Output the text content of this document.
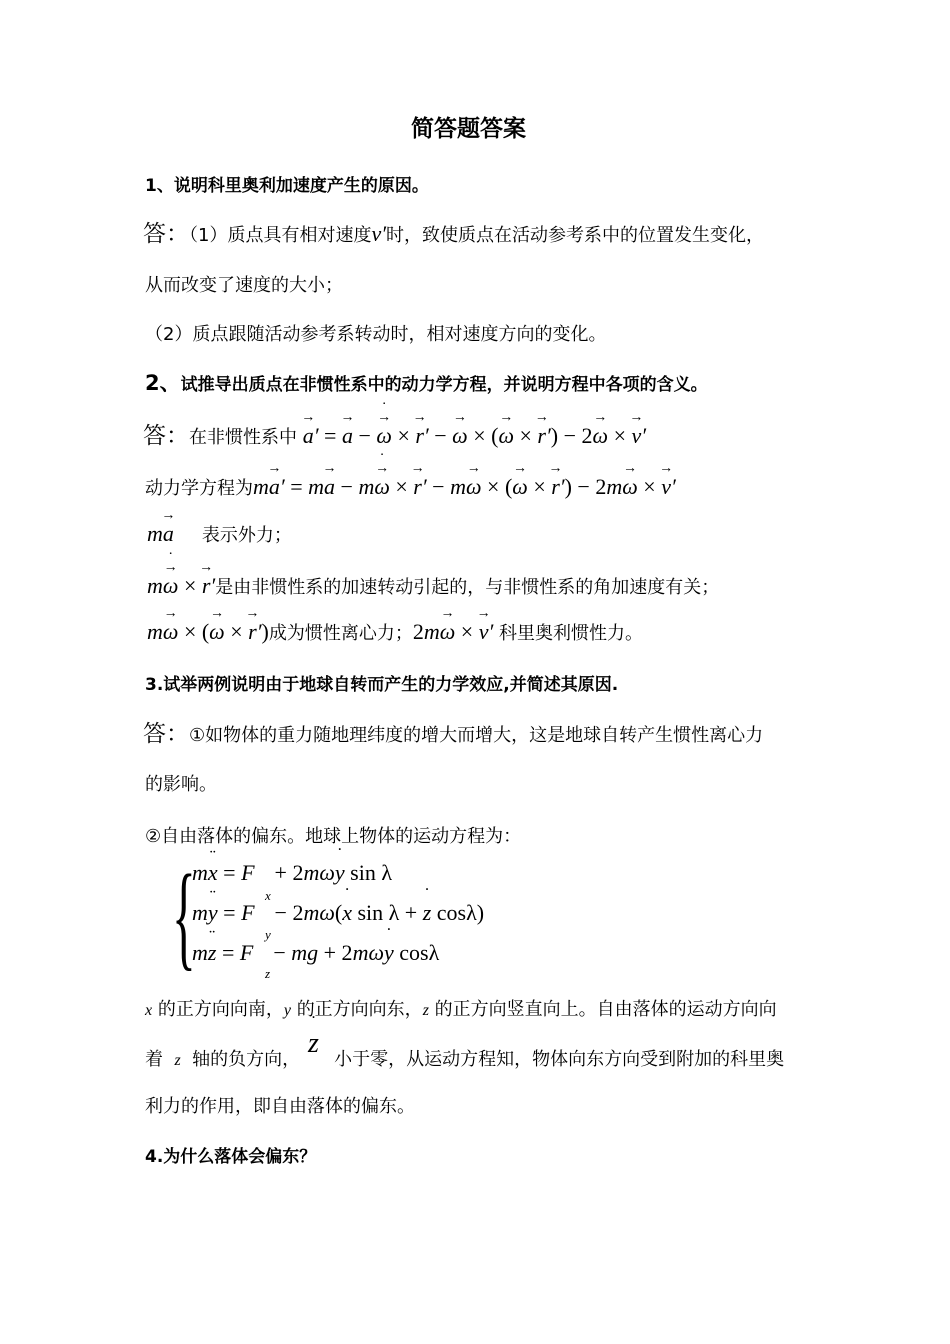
简答题答案
1、说明科里奥利加速度产生的原因。
答：（1）质点具有相对速度v′时，致使质点在活动参考系中的位置发生变化，
从而改变了速度的大小；
（2）质点跟随活动参考系转动时，相对速度方向的变化。
2、试推导出质点在非惯性系中的动力学方程，并说明方程中各项的含义。
答：在非惯性系中 → a′ = → a − → ω ˙ × → r′ − → ω × (→ ω × → r′) − 2→ ω × → v′
动力学方程为m→ a′ = m→ a − m→ ω ˙ × → r′ − m→ ω × (→ ω × → r′) − 2m→ ω × → v′
m→ a 表示外力；
m→ ω ˙ × → r′是由非惯性系的加速转动引起的，与非惯性系的角加速度有关；
m→ ω × (→ ω × → r′)成为惯性离心力；2m→ ω × → v′ 科里奥利惯性力。
3.试举两例说明由于地球自转而产生的力学效应,并简述其原因.
答：①如物体的重力随地理纬度的增大而增大，这是地球自转产生惯性离心力
的影响。
②自由落体的偏东。地球上物体的运动方程为：
{
mx ¨ = F + 2mωy ˙ sin λ
x
my ¨ = F − 2mω(x ˙ sin λ + z ˙ cosλ)
y
mz ¨ = F − mg + 2mωy ˙ cosλ
z
x 的正方向向南，y 的正方向向东，z 的正方向竖直向上。自由落体的运动方向向
着 z 轴的负方向， 小于零，从运动方程知，物体向东方向受到附加的科里奥
z ˙
利力的作用，即自由落体的偏东。
4.为什么落体会偏东？
